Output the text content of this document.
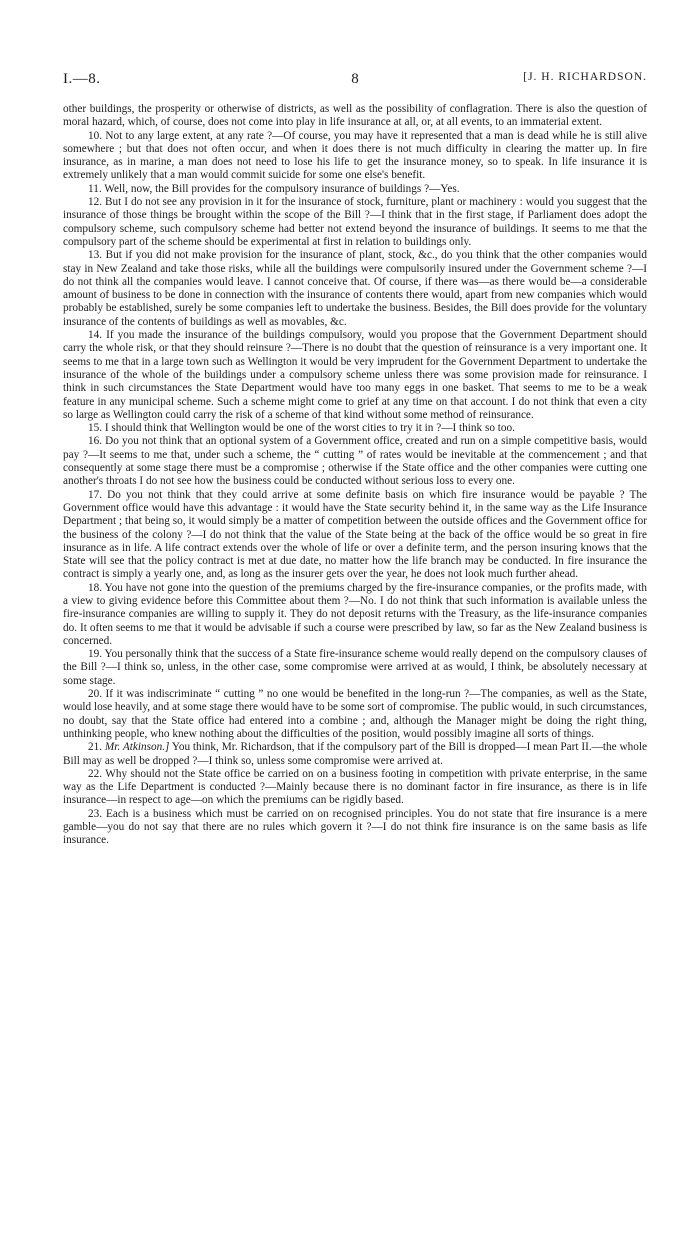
I.—8.	8	[J. H. RICHARDSON.

other buildings, the prosperity or otherwise of districts, as well as the possibility of conflagration. There is also the question of moral hazard, which, of course, does not come into play in life insurance at all, or, at all events, to an immaterial extent.

10. Not to any large extent, at any rate ?—Of course, you may have it represented that a man is dead while he is still alive somewhere ; but that does not often occur, and when it does there is not much difficulty in clearing the matter up. In fire insurance, as in marine, a man does not need to lose his life to get the insurance money, so to speak. In life insurance it is extremely unlikely that a man would commit suicide for some one else's benefit.

11. Well, now, the Bill provides for the compulsory insurance of buildings ?—Yes.

12. But I do not see any provision in it for the insurance of stock, furniture, plant or machinery : would you suggest that the insurance of those things be brought within the scope of the Bill ?—I think that in the first stage, if Parliament does adopt the compulsory scheme, such compulsory scheme had better not extend beyond the insurance of buildings. It seems to me that the compulsory part of the scheme should be experimental at first in relation to buildings only.

13. But if you did not make provision for the insurance of plant, stock, &c., do you think that the other companies would stay in New Zealand and take those risks, while all the buildings were compulsorily insured under the Government scheme ?—I do not think all the companies would leave. I cannot conceive that. Of course, if there was—as there would be—a considerable amount of business to be done in connection with the insurance of contents there would, apart from new companies which would probably be established, surely be some companies left to undertake the business. Besides, the Bill does provide for the voluntary insurance of the contents of buildings as well as movables, &c.

14. If you made the insurance of the buildings compulsory, would you propose that the Government Department should carry the whole risk, or that they should reinsure ?—There is no doubt that the question of reinsurance is a very important one. It seems to me that in a large town such as Wellington it would be very imprudent for the Government Department to undertake the insurance of the whole of the buildings under a compulsory scheme unless there was some provision made for reinsurance. I think in such circumstances the State Department would have too many eggs in one basket. That seems to me to be a weak feature in any municipal scheme. Such a scheme might come to grief at any time on that account. I do not think that even a city so large as Wellington could carry the risk of a scheme of that kind without some method of reinsurance.

15. I should think that Wellington would be one of the worst cities to try it in ?—I think so too.

16. Do you not think that an optional system of a Government office, created and run on a simple competitive basis, would pay ?—It seems to me that, under such a scheme, the “ cutting ” of rates would be inevitable at the commencement ; and that consequently at some stage there must be a compromise ; otherwise if the State office and the other companies were cutting one another's throats I do not see how the business could be conducted without serious loss to every one.

17. Do you not think that they could arrive at some definite basis on which fire insurance would be payable ? The Government office would have this advantage : it would have the State security behind it, in the same way as the Life Insurance Department ; that being so, it would simply be a matter of competition between the outside offices and the Government office for the business of the colony ?—I do not think that the value of the State being at the back of the office would be so great in fire insurance as in life. A life contract extends over the whole of life or over a definite term, and the person insuring knows that the State will see that the policy contract is met at due date, no matter how the life branch may be conducted. In fire insurance the contract is simply a yearly one, and, as long as the insurer gets over the year, he does not look much further ahead.

18. You have not gone into the question of the premiums charged by the fire-insurance companies, or the profits made, with a view to giving evidence before this Committee about them ?—No. I do not think that such information is available unless the fire-insurance companies are willing to supply it. They do not deposit returns with the Treasury, as the life-insurance companies do. It often seems to me that it would be advisable if such a course were prescribed by law, so far as the New Zealand business is concerned.

19. You personally think that the success of a State fire-insurance scheme would really depend on the compulsory clauses of the Bill ?—I think so, unless, in the other case, some compromise were arrived at as would, I think, be absolutely necessary at some stage.

20. If it was indiscriminate “ cutting ” no one would be benefited in the long-run ?—The companies, as well as the State, would lose heavily, and at some stage there would have to be some sort of compromise. The public would, in such circumstances, no doubt, say that the State office had entered into a combine ; and, although the Manager might be doing the right thing, unthinking people, who knew nothing about the difficulties of the position, would possibly imagine all sorts of things.

21. Mr. Atkinson.] You think, Mr. Richardson, that if the compulsory part of the Bill is dropped—I mean Part II.—the whole Bill may as well be dropped ?—I think so, unless some compromise were arrived at.

22. Why should not the State office be carried on on a business footing in competition with private enterprise, in the same way as the Life Department is conducted ?—Mainly because there is no dominant factor in fire insurance, as there is in life insurance—in respect to age—on which the premiums can be rigidly based.

23. Each is a business which must be carried on on recognised principles. You do not state that fire insurance is a mere gamble—you do not say that there are no rules which govern it ?—I do not think fire insurance is on the same basis as life insurance.
